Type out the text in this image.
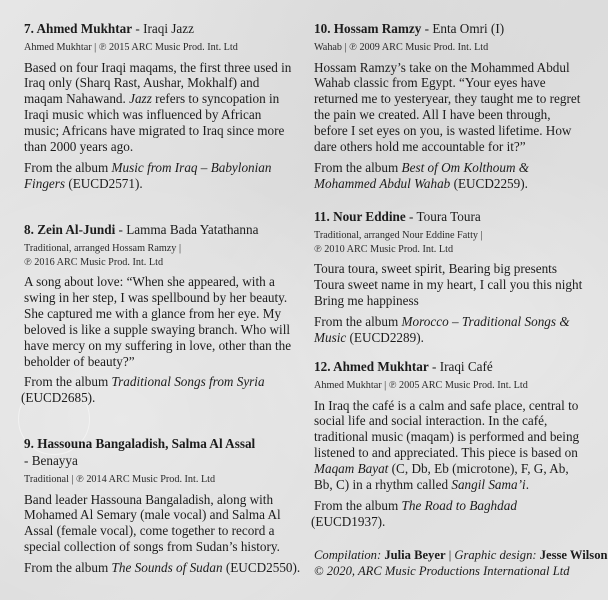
7. Ahmed Mukhtar - Iraqi Jazz

Ahmed Mukhtar | ℗ 2015 ARC Music Prod. Int. Ltd

Based on four Iraqi maqams, the first three used in Iraq only (Sharq Rast, Aushar, Mokhalf) and maqam Nahawand. Jazz refers to syncopation in Iraqi music which was influenced by African music; Africans have migrated to Iraq since more than 2000 years ago.

From the album Music from Iraq – Babylonian Fingers (EUCD2571).

8. Zein Al-Jundi - Lamma Bada Yatathanna

Traditional, arranged Hossam Ramzy |
℗ 2016 ARC Music Prod. Int. Ltd

A song about love: “When she appeared, with a swing in her step, I was spellbound by her beauty. She captured me with a glance from her eye. My beloved is like a supple swaying branch. Who will have mercy on my suffering in love, other than the beholder of beauty?”

From the album Traditional Songs from Syria
(EUCD2685).

9. Hassouna Bangaladish, Salma Al Assal

- Benayya

Traditional | ℗ 2014 ARC Music Prod. Int. Ltd

Band leader Hassouna Bangaladish, along with Mohamed Al Semary (male vocal) and Salma Al Assal (female vocal), come together to record a special collection of songs from Sudan’s history.

From the album The Sounds of Sudan (EUCD2550).

10. Hossam Ramzy - Enta Omri (I)

Wahab | ℗ 2009 ARC Music Prod. Int. Ltd

Hossam Ramzy’s take on the Mohammed Abdul Wahab classic from Egypt. “Your eyes have returned me to yesteryear, they taught me to regret the pain we created. All I have been through, before I set eyes on you, is wasted lifetime. How dare others hold me accountable for it?”

From the album Best of Om Kolthoum & Mohammed Abdul Wahab (EUCD2259).

11. Nour Eddine - Toura Toura

Traditional, arranged Nour Eddine Fatty |
℗ 2010 ARC Music Prod. Int. Ltd

Toura toura, sweet spirit, Bearing big presents
Toura sweet name in my heart, I call you this night
Bring me happiness

From the album Morocco – Traditional Songs & Music (EUCD2289).

12. Ahmed Mukhtar - Iraqi Café

Ahmed Mukhtar | ℗ 2005 ARC Music Prod. Int. Ltd

In Iraq the café is a calm and safe place, central to social life and social interaction. In the café, traditional music (maqam) is performed and being listened to and appreciated. This piece is based on Maqam Bayat (C, Db, Eb (microtone), F, G, Ab, Bb, C) in a rhythm called Sangil Sama’i.

From the album The Road to Baghdad
(EUCD1937).

Compilation: Julia Beyer | Graphic design: Jesse Wilson
© 2020, ARC Music Productions International Ltd
